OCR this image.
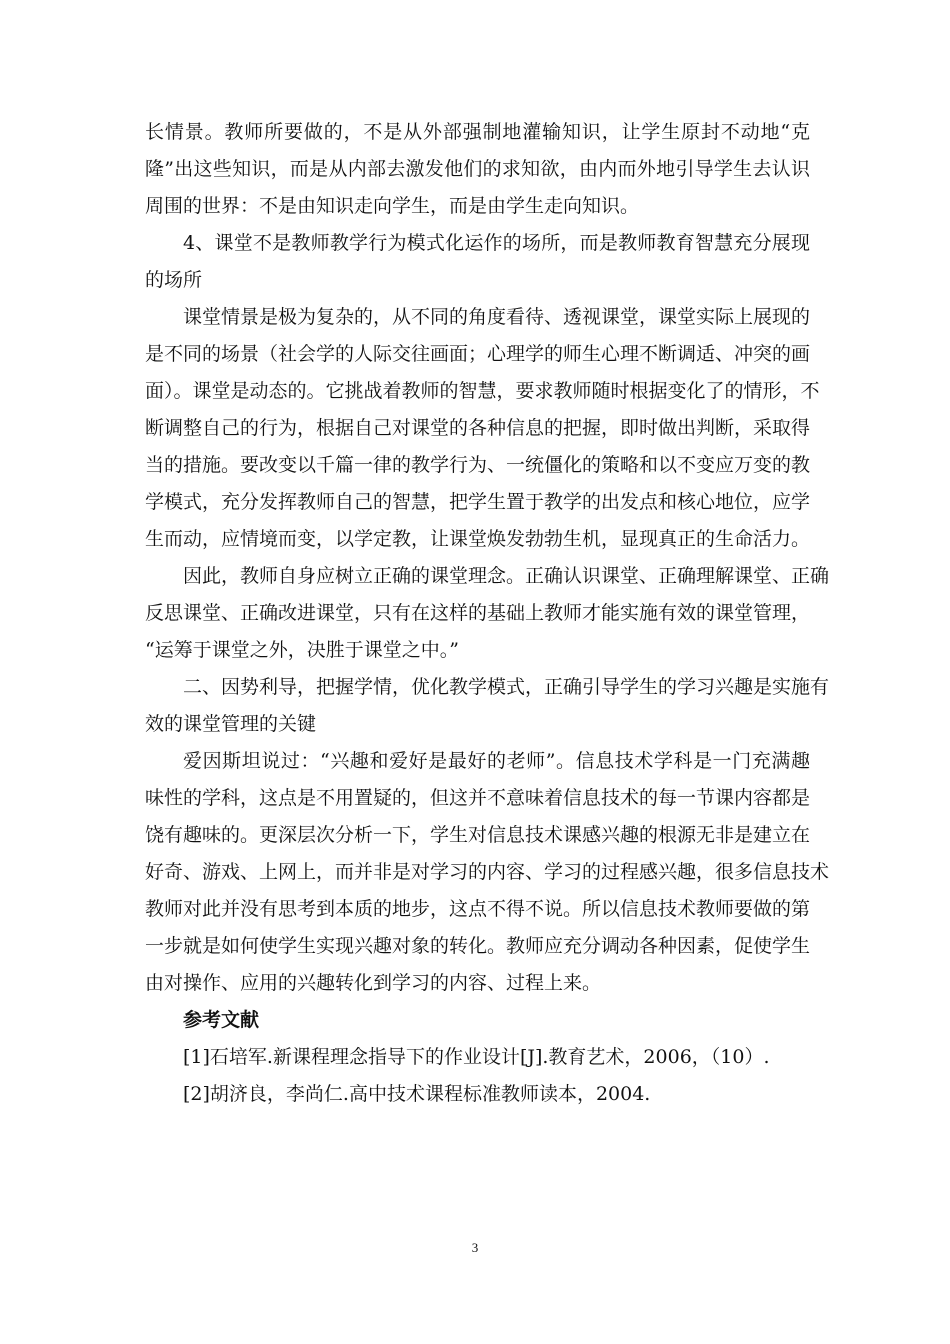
长情景。教师所要做的，不是从外部强制地灌输知识，让学生原封不动地“克
隆”出这些知识，而是从内部去激发他们的求知欲，由内而外地引导学生去认识
周围的世界：不是由知识走向学生，而是由学生走向知识。
4、课堂不是教师教学行为模式化运作的场所，而是教师教育智慧充分展现
的场所
课堂情景是极为复杂的，从不同的角度看待、透视课堂，课堂实际上展现的
是不同的场景（社会学的人际交往画面；心理学的师生心理不断调适、冲突的画
面）。课堂是动态的。它挑战着教师的智慧，要求教师随时根据变化了的情形，不
断调整自己的行为，根据自己对课堂的各种信息的把握，即时做出判断，采取得
当的措施。要改变以千篇一律的教学行为、一统僵化的策略和以不变应万变的教
学模式，充分发挥教师自己的智慧，把学生置于教学的出发点和核心地位，应学
生而动，应情境而变，以学定教，让课堂焕发勃勃生机，显现真正的生命活力。
因此，教师自身应树立正确的课堂理念。正确认识课堂、正确理解课堂、正确
反思课堂、正确改进课堂，只有在这样的基础上教师才能实施有效的课堂管理，
“运筹于课堂之外，决胜于课堂之中。”
二、因势利导，把握学情，优化教学模式，正确引导学生的学习兴趣是实施有
效的课堂管理的关键
爱因斯坦说过：“兴趣和爱好是最好的老师”。信息技术学科是一门充满趣
味性的学科，这点是不用置疑的，但这并不意味着信息技术的每一节课内容都是
饶有趣味的。更深层次分析一下，学生对信息技术课感兴趣的根源无非是建立在
好奇、游戏、上网上，而并非是对学习的内容、学习的过程感兴趣，很多信息技术
教师对此并没有思考到本质的地步，这点不得不说。所以信息技术教师要做的第
一步就是如何使学生实现兴趣对象的转化。教师应充分调动各种因素，促使学生
由对操作、应用的兴趣转化到学习的内容、过程上来。
参考文献
[1]石培军.新课程理念指导下的作业设计[J].教育艺术，2006，（10）.
[2]胡济良，李尚仁.高中技术课程标准教师读本，2004.
3
